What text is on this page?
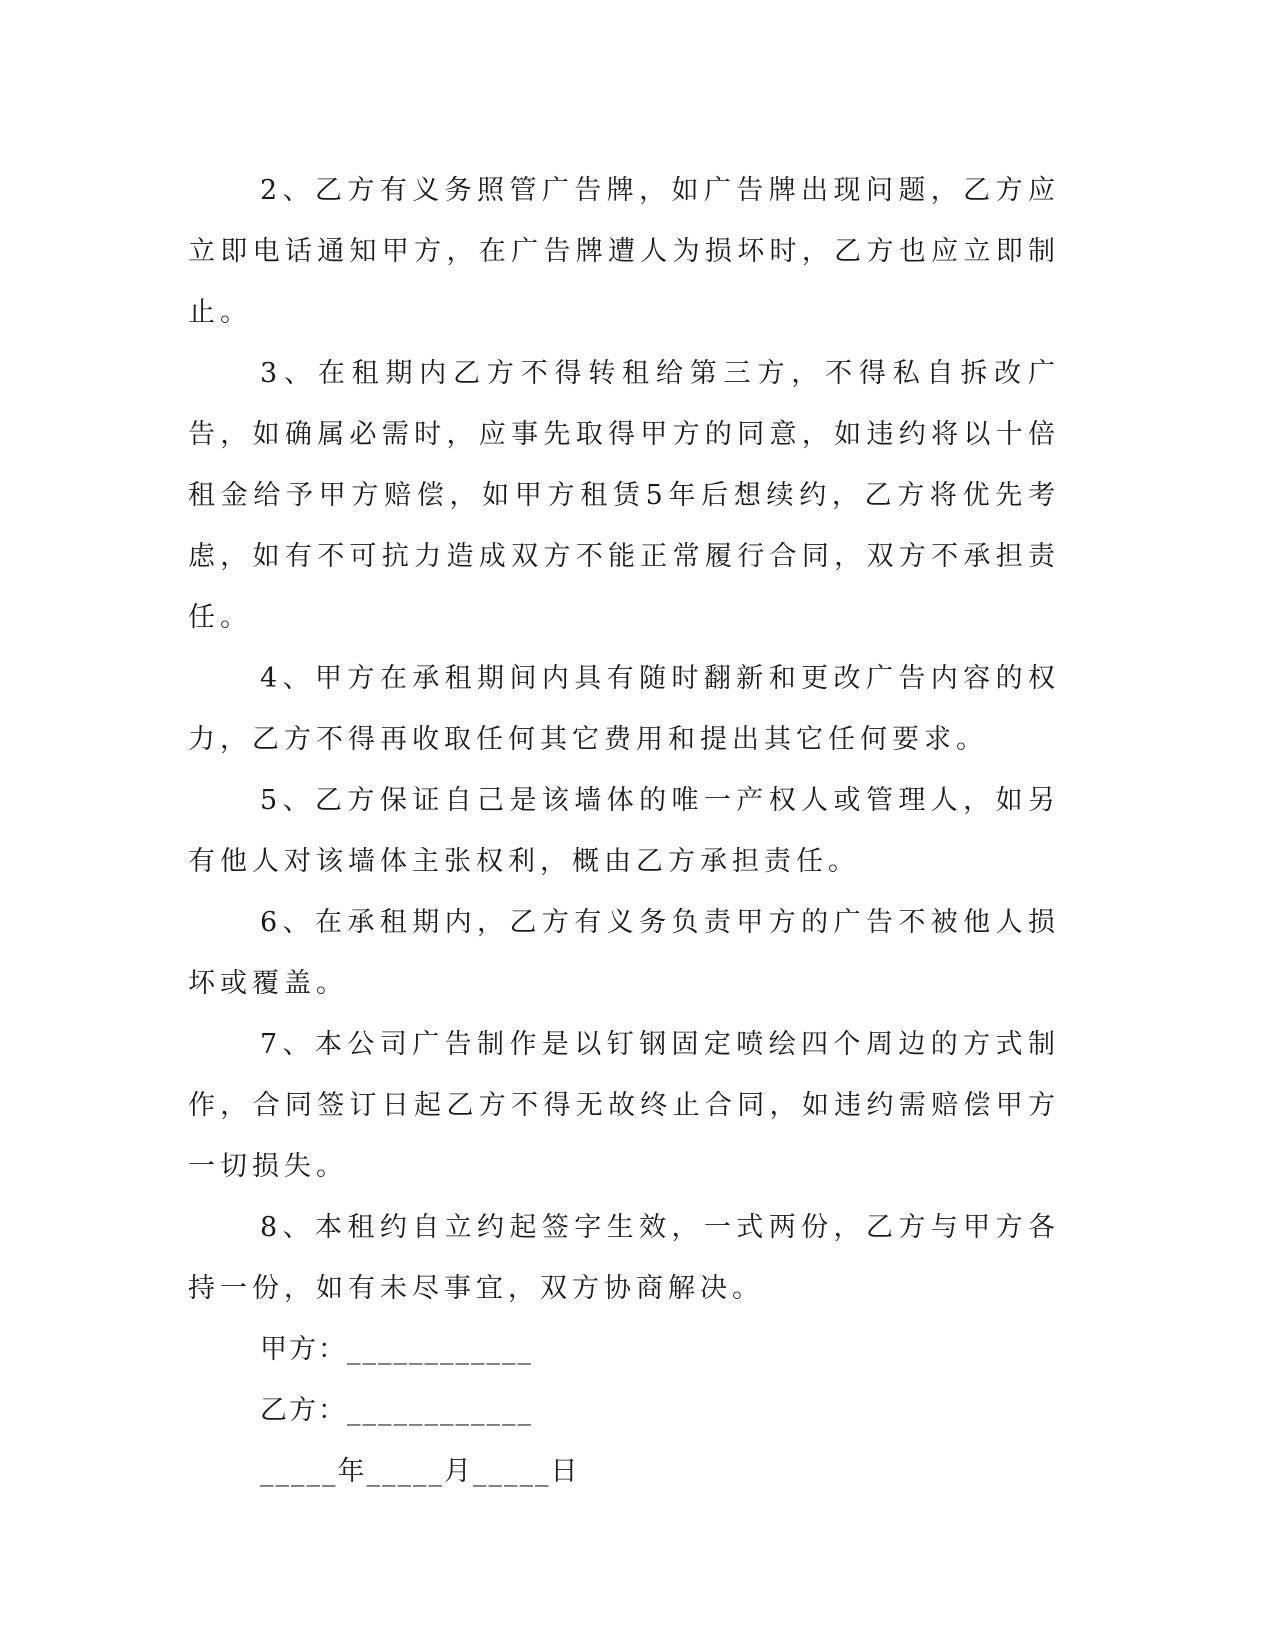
2、乙方有义务照管广告牌，如广告牌出现问题，乙方应立即电话通知甲方，在广告牌遭人为损坏时，乙方也应立即制止。

3、在租期内乙方不得转租给第三方，不得私自拆改广告，如确属必需时，应事先取得甲方的同意，如违约将以十倍租金给予甲方赔偿，如甲方租赁5年后想续约，乙方将优先考虑，如有不可抗力造成双方不能正常履行合同，双方不承担责任。

4、甲方在承租期间内具有随时翻新和更改广告内容的权力，乙方不得再收取任何其它费用和提出其它任何要求。

5、乙方保证自己是该墙体的唯一产权人或管理人，如另有他人对该墙体主张权利，概由乙方承担责任。

6、在承租期内，乙方有义务负责甲方的广告不被他人损坏或覆盖。

7、本公司广告制作是以钉钢固定喷绘四个周边的方式制作，合同签订日起乙方不得无故终止合同，如违约需赔偿甲方一切损失。

8、本租约自立约起签字生效，一式两份，乙方与甲方各持一份，如有未尽事宜，双方协商解决。

甲方：____________

乙方：____________

_____年_____月_____日
